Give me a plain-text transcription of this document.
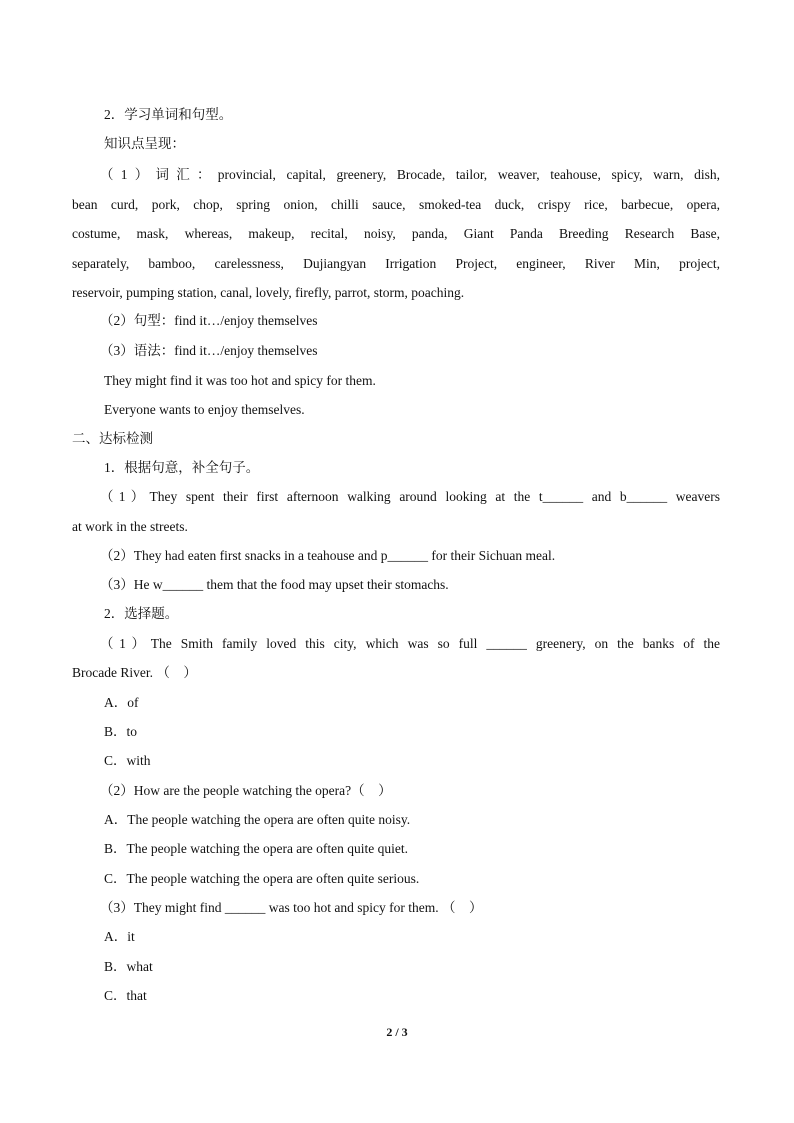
2．学习单词和句型。
知识点呈现：
（1）词汇：provincial, capital, greenery, Brocade, tailor, weaver, teahouse, spicy, warn, dish,
bean curd, pork, chop, spring onion, chilli sauce, smoked-tea duck, crispy rice, barbecue, opera,
costume, mask, whereas, makeup, recital, noisy, panda, Giant Panda Breeding Research Base,
separately, bamboo, carelessness, Dujiangyan Irrigation Project, engineer, River Min, project,
reservoir, pumping station, canal, lovely, firefly, parrot, storm, poaching.
（2）句型：find it…/enjoy themselves
（3）语法：find it…/enjoy themselves
They might find it was too hot and spicy for them.
Everyone wants to enjoy themselves.
二、达标检测
1．根据句意，补全句子。
（1）They spent their first afternoon walking around looking at the t______ and b______ weavers
at work in the streets.
（2）They had eaten first snacks in a teahouse and p______ for their Sichuan meal.
（3）He w______ them that the food may upset their stomachs.
2．选择题。
（1）The Smith family loved this city, which was so full ______ greenery, on the banks of the
Brocade River. （　）
A．of
B．to
C．with
（2）How are the people watching the opera?（　）
A．The people watching the opera are often quite noisy.
B．The people watching the opera are often quite quiet.
C．The people watching the opera are often quite serious.
（3）They might find ______ was too hot and spicy for them. （　）
A．it
B．what
C．that
2 / 3
